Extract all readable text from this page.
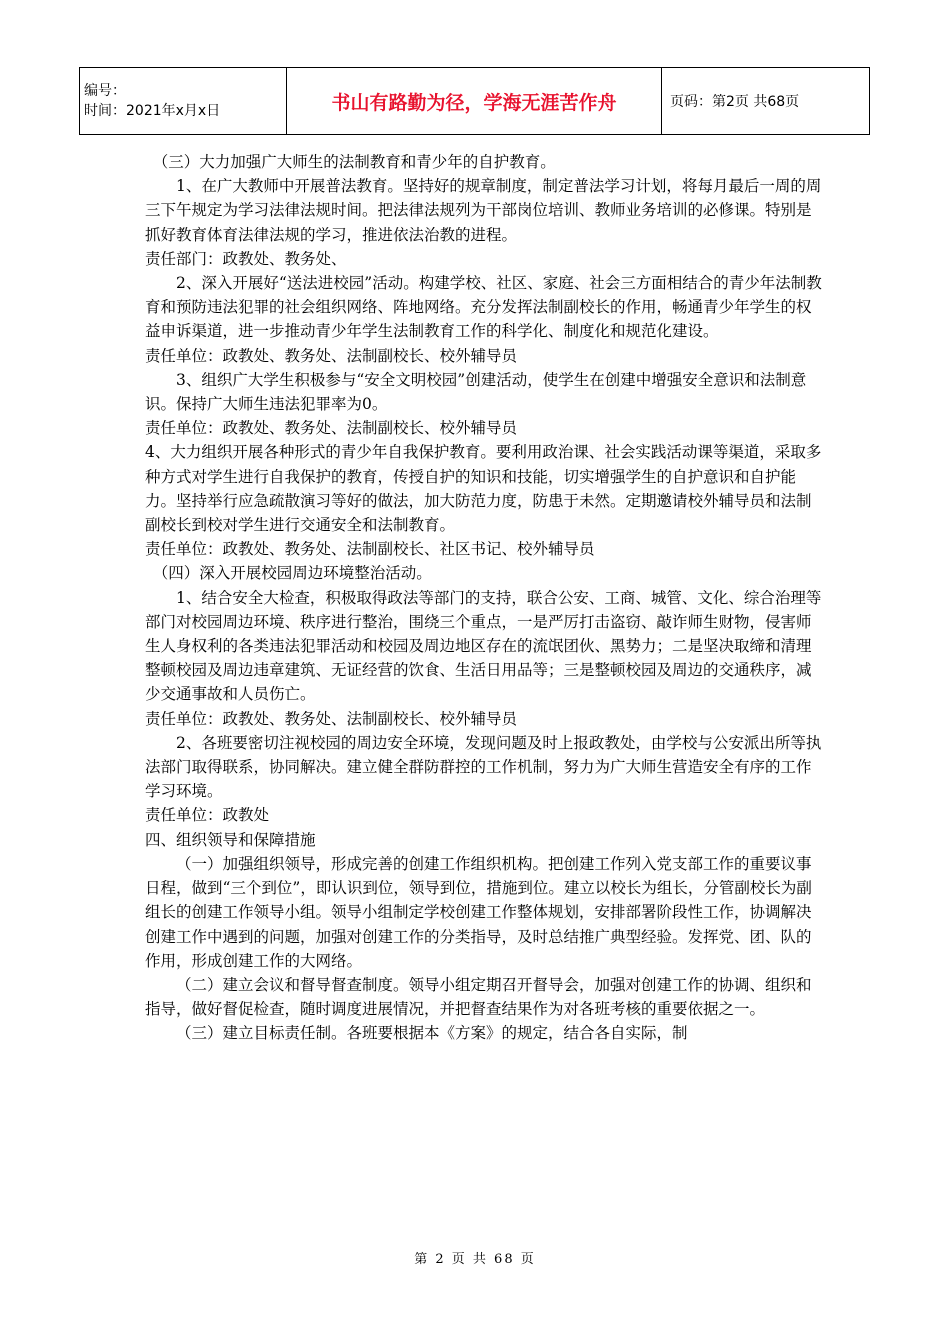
编号：
时间：2021年x月x日	书山有路勤为径，学海无涯苦作舟	页码：第2页 共68页

（三）大力加强广大师生的法制教育和青少年的自护教育。

1、在广大教师中开展普法教育。坚持好的规章制度，制定普法学习计划，将每月最后一周的周三下午规定为学习法律法规时间。把法律法规列为干部岗位培训、教师业务培训的必修课。特别是抓好教育体育法律法规的学习，推进依法治教的进程。

责任部门：政教处、教务处、

2、深入开展好“送法进校园”活动。构建学校、社区、家庭、社会三方面相结合的青少年法制教育和预防违法犯罪的社会组织网络、阵地网络。充分发挥法制副校长的作用，畅通青少年学生的权益申诉渠道，进一步推动青少年学生法制教育工作的科学化、制度化和规范化建设。

责任单位：政教处、教务处、法制副校长、校外辅导员

3、组织广大学生积极参与“安全文明校园”创建活动，使学生在创建中增强安全意识和法制意识。保持广大师生违法犯罪率为0。

责任单位：政教处、教务处、法制副校长、校外辅导员

4、大力组织开展各种形式的青少年自我保护教育。要利用政治课、社会实践活动课等渠道，采取多种方式对学生进行自我保护的教育，传授自护的知识和技能，切实增强学生的自护意识和自护能力。坚持举行应急疏散演习等好的做法，加大防范力度，防患于未然。定期邀请校外辅导员和法制副校长到校对学生进行交通安全和法制教育。

责任单位：政教处、教务处、法制副校长、社区书记、校外辅导员

（四）深入开展校园周边环境整治活动。

1、结合安全大检查，积极取得政法等部门的支持，联合公安、工商、城管、文化、综合治理等部门对校园周边环境、秩序进行整治，围绕三个重点，一是严厉打击盗窃、敲诈师生财物，侵害师生人身权利的各类违法犯罪活动和校园及周边地区存在的流氓团伙、黑势力；二是坚决取缔和清理整顿校园及周边违章建筑、无证经营的饮食、生活日用品等；三是整顿校园及周边的交通秩序，减少交通事故和人员伤亡。

责任单位：政教处、教务处、法制副校长、校外辅导员

2、各班要密切注视校园的周边安全环境，发现问题及时上报政教处，由学校与公安派出所等执法部门取得联系，协同解决。建立健全群防群控的工作机制，努力为广大师生营造安全有序的工作学习环境。

责任单位：政教处

四、组织领导和保障措施

（一）加强组织领导，形成完善的创建工作组织机构。把创建工作列入党支部工作的重要议事日程，做到“三个到位”，即认识到位，领导到位，措施到位。建立以校长为组长，分管副校长为副组长的创建工作领导小组。领导小组制定学校创建工作整体规划，安排部署阶段性工作，协调解决创建工作中遇到的问题，加强对创建工作的分类指导，及时总结推广典型经验。发挥党、团、队的作用，形成创建工作的大网络。

（二）建立会议和督导督查制度。领导小组定期召开督导会，加强对创建工作的协调、组织和指导，做好督促检查，随时调度进展情况，并把督查结果作为对各班考核的重要依据之一。

（三）建立目标责任制。各班要根据本《方案》的规定，结合各自实际，制

第 2 页 共 68 页
